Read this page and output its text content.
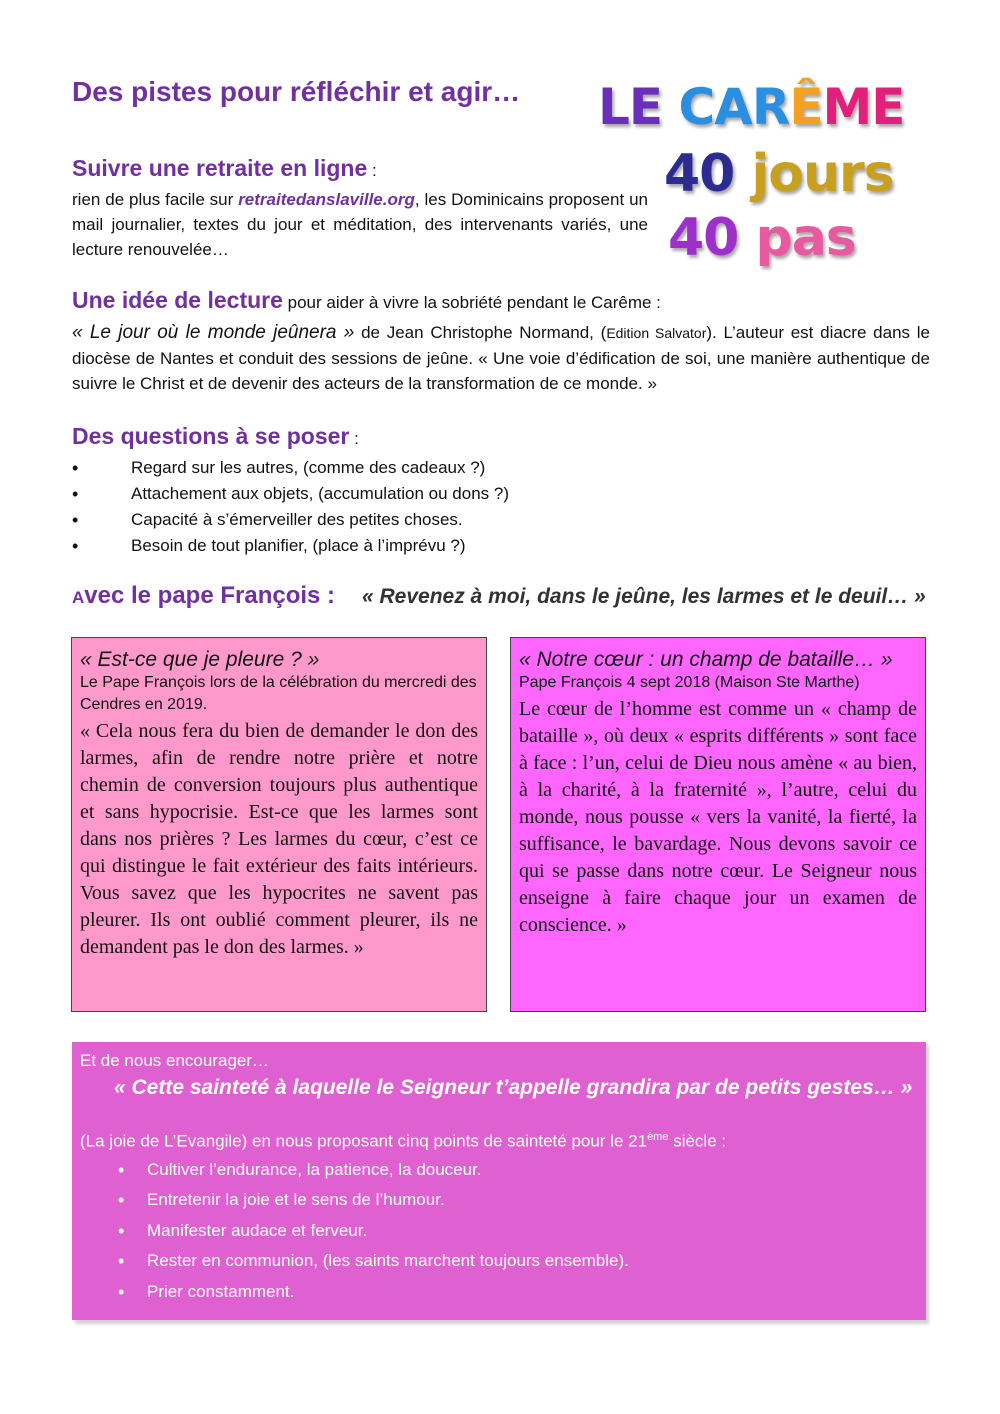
Des pistes pour réfléchir et agir… LE CARÊME
40 jours
40 pas
Suivre une retraite en ligne :
rien de plus facile sur retraitedanslaville.org, les Dominicains proposent un mail journalier, textes du jour et méditation, des intervenants variés, une lecture renouvelée…
Une idée de lecture pour aider à vivre la sobriété pendant le Carême :
« Le jour où le monde jeûnera » de Jean Christophe Normand, (Edition Salvator). L’auteur est diacre dans le diocèse de Nantes et conduit des sessions de jeûne. « Une voie d’édification de soi, une manière authentique de suivre le Christ et de devenir des acteurs de la transformation de ce monde. »
Des questions à se poser :
• Regard sur les autres, (comme des cadeaux ?)
• Attachement aux objets, (accumulation ou dons ?)
• Capacité à s’émerveiller des petites choses.
• Besoin de tout planifier, (place à l’imprévu ?)
Avec le pape François : « Revenez à moi, dans le jeûne, les larmes et le deuil… »
« Est-ce que je pleure ? »
Le Pape François lors de la célébration du mercredi des Cendres en 2019.
« Cela nous fera du bien de demander le don des larmes, afin de rendre notre prière et notre chemin de conversion toujours plus authentique et sans hypocrisie. Est-ce que les larmes sont dans nos prières ? Les larmes du cœur, c’est ce qui distingue le fait extérieur des faits intérieurs. Vous savez que les hypocrites ne savent pas pleurer. Ils ont oublié comment pleurer, ils ne demandent pas le don des larmes. »
« Notre cœur : un champ de bataille… »
Pape François 4 sept 2018 (Maison Ste Marthe)
Le cœur de l’homme est comme un « champ de bataille », où deux « esprits différents » sont face à face : l’un, celui de Dieu nous amène « au bien, à la charité, à la fraternité », l’autre, celui du monde, nous pousse « vers la vanité, la fierté, la suffisance, le bavardage. Nous devons savoir ce qui se passe dans notre cœur. Le Seigneur nous enseigne à faire chaque jour un examen de conscience. »
Et de nous encourager…
« Cette sainteté à laquelle le Seigneur t’appelle grandira par de petits gestes… »
(La joie de L’Evangile) en nous proposant cinq points de sainteté pour le 21ème siècle :
• Cultiver l’endurance, la patience, la douceur.
• Entretenir la joie et le sens de l’humour.
• Manifester audace et ferveur.
• Rester en communion, (les saints marchent toujours ensemble).
• Prier constamment.
